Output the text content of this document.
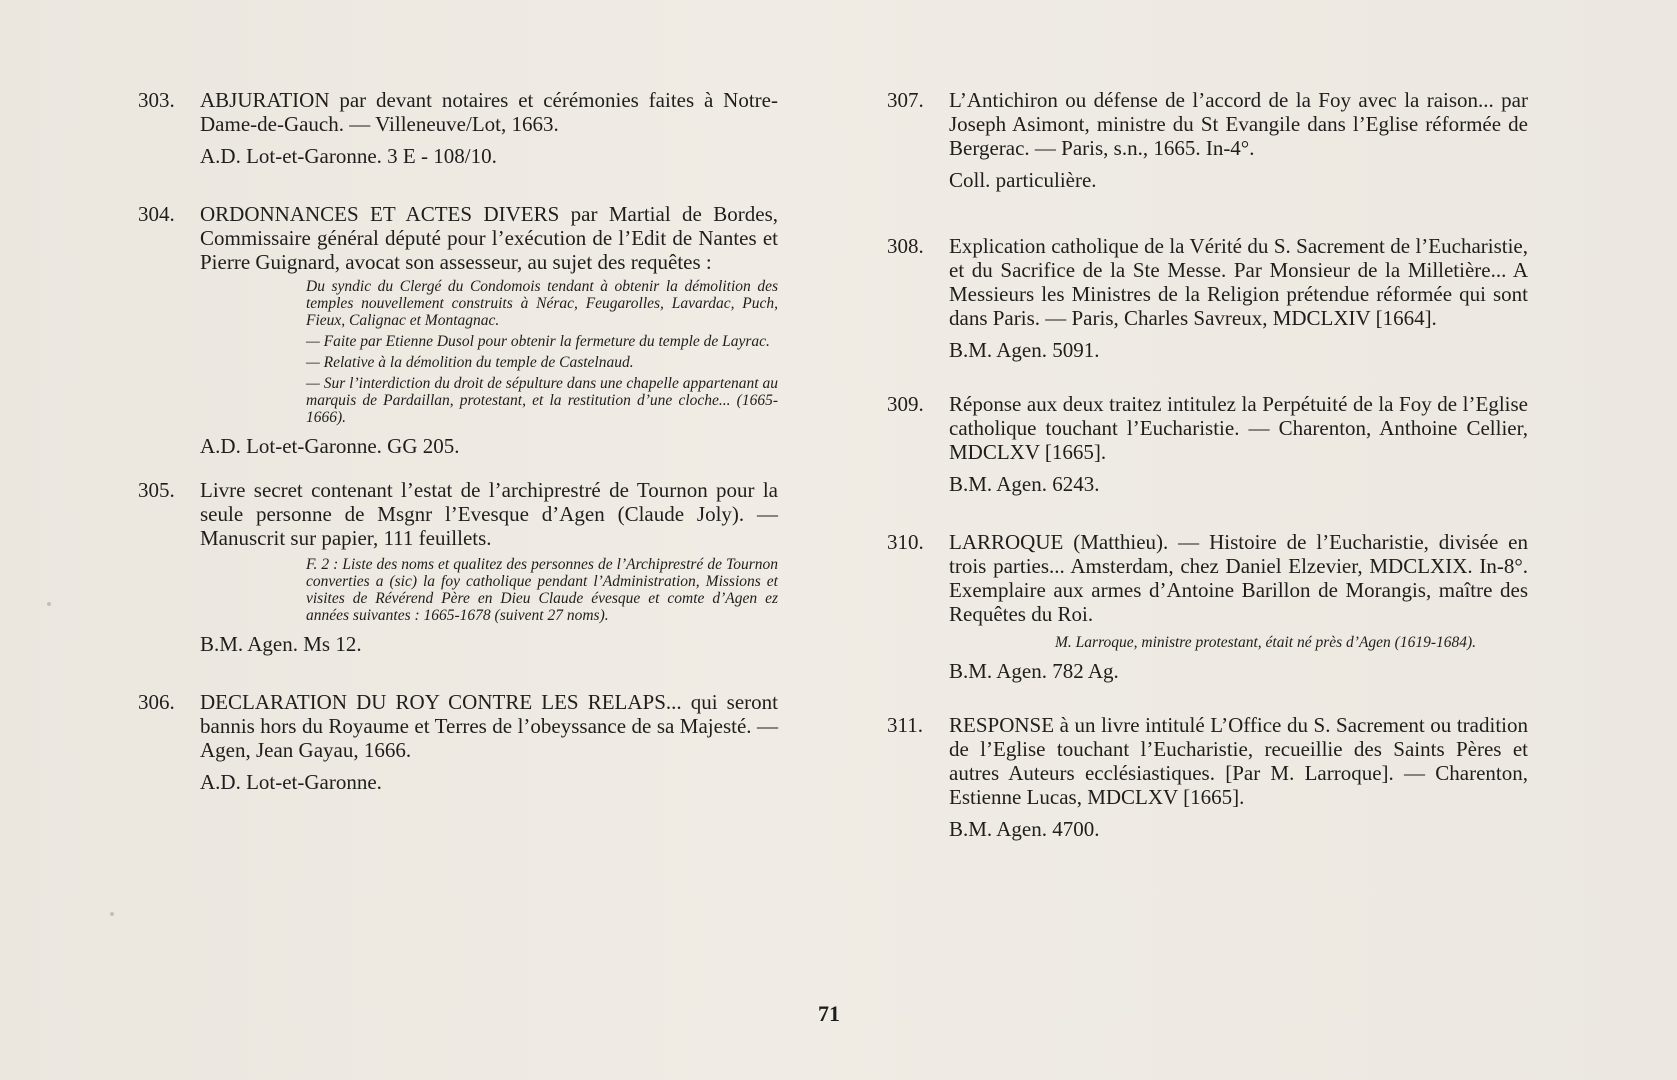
303. ABJURATION par devant notaires et cérémonies faites à Notre-Dame-de-Gauch. — Villeneuve/Lot, 1663.

A.D. Lot-et-Garonne. 3 E - 108/10.

304. ORDONNANCES ET ACTES DIVERS par Martial de Bordes, Commissaire général député pour l’exécution de l’Edit de Nantes et Pierre Guignard, avocat son assesseur, au sujet des requêtes :

Du syndic du Clergé du Condomois tendant à obtenir la démolition des temples nouvellement construits à Nérac, Feugarolles, Lavardac, Puch, Fieux, Calignac et Montagnac.

— Faite par Etienne Dusol pour obtenir la fermeture du temple de Layrac.

— Relative à la démolition du temple de Castelnaud.

— Sur l’interdiction du droit de sépulture dans une chapelle appartenant au marquis de Pardaillan, protestant, et la restitution d’une cloche... (1665-1666).

A.D. Lot-et-Garonne. GG 205.

305. Livre secret contenant l’estat de l’archiprestré de Tournon pour la seule personne de Msgnr l’Evesque d’Agen (Claude Joly). — Manuscrit sur papier, 111 feuillets.

F. 2 : Liste des noms et qualitez des personnes de l’Archiprestré de Tournon converties a (sic) la foy catholique pendant l’Administration, Missions et visites de Révérend Père en Dieu Claude évesque et comte d’Agen ez années suivantes : 1665-1678 (suivent 27 noms).

B.M. Agen. Ms 12.

306. DECLARATION DU ROY CONTRE LES RELAPS... qui seront bannis hors du Royaume et Terres de l’obeyssance de sa Majesté. — Agen, Jean Gayau, 1666.

A.D. Lot-et-Garonne.

307. L’Antichiron ou défense de l’accord de la Foy avec la raison... par Joseph Asimont, ministre du St Evangile dans l’Eglise réformée de Bergerac. — Paris, s.n., 1665. In-4°.

Coll. particulière.

308. Explication catholique de la Vérité du S. Sacrement de l’Eucharistie, et du Sacrifice de la Ste Messe. Par Monsieur de la Milletière... A Messieurs les Ministres de la Religion prétendue réformée qui sont dans Paris. — Paris, Charles Savreux, MDCLXIV [1664].

B.M. Agen. 5091.

309. Réponse aux deux traitez intitulez la Perpétuité de la Foy de l’Eglise catholique touchant l’Eucharistie. — Charenton, Anthoine Cellier, MDCLXV [1665].

B.M. Agen. 6243.

310. LARROQUE (Matthieu). — Histoire de l’Eucharistie, divisée en trois parties... Amsterdam, chez Daniel Elzevier, MDCLXIX. In-8°. Exemplaire aux armes d’Antoine Barillon de Morangis, maître des Requêtes du Roi.

M. Larroque, ministre protestant, était né près d’Agen (1619-1684).

B.M. Agen. 782 Ag.

311. RESPONSE à un livre intitulé L’Office du S. Sacrement ou tradition de l’Eglise touchant l’Eucharistie, recueillie des Saints Pères et autres Auteurs ecclésiastiques. [Par M. Larroque]. — Charenton, Estienne Lucas, MDCLXV [1665].

B.M. Agen. 4700.

71
